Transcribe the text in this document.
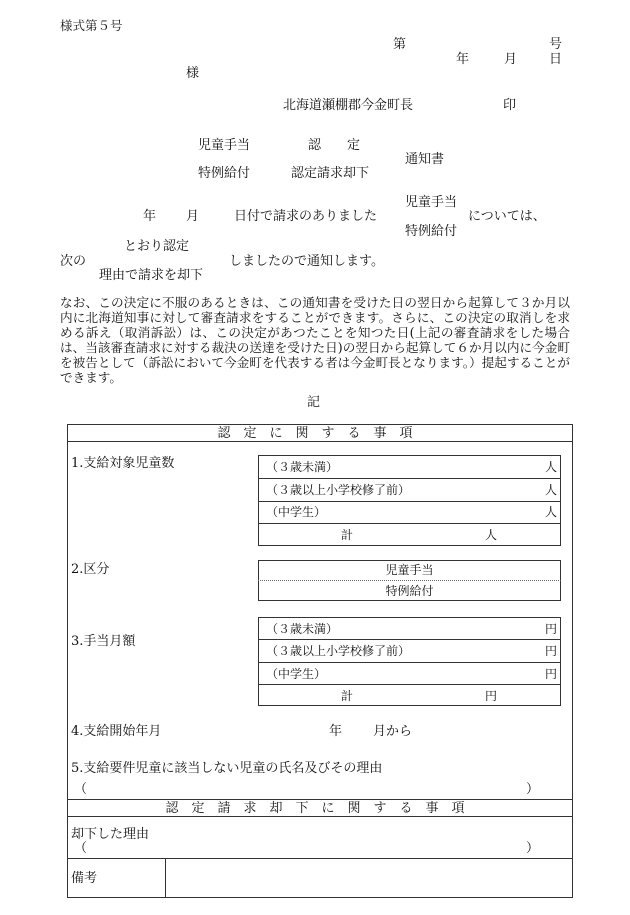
様式第５号
第	号
年	月 日
様
北海道瀬棚郡今金町長	印
児童手当	認　　定
通知書
特例給付	認定請求却下
児童手当
年 月	日付で請求のありました	については、
特例給付
とおり認定
次の	しましたので通知します。
理由で請求を却下
なお、この決定に不服のあるときは、この通知書を受けた日の翌日から起算して３か月以内に北海道知事に対して審査請求をすることができます。さらに、この決定の取消しを求める訴え（取消訴訟）は、この決定があつたことを知つた日(上記の審査請求をした場合は、当該審査請求に対する裁決の送達を受けた日)の翌日から起算して６か月以内に今金町を被告として（訴訟において今金町を代表する者は今金町長となります。）提起することができます。
記
認　定　に　関　す　る　事　項
1.支給対象児童数	（３歳未満）	人
（３歳以上小学校修了前）	人
（中学生）	人
計	人
2.区分	児童手当
特例給付
3.手当月額
（３歳未満）	円
（３歳以上小学校修了前）	円
（中学生）	円
計	円
4.支給開始年月	年 月から
5.支給要件児童に該当しない児童の氏名及びその理由
（	）
認　定　請　求　却　下　に　関　す　る　事　項
却下した理由
（	）
備考
